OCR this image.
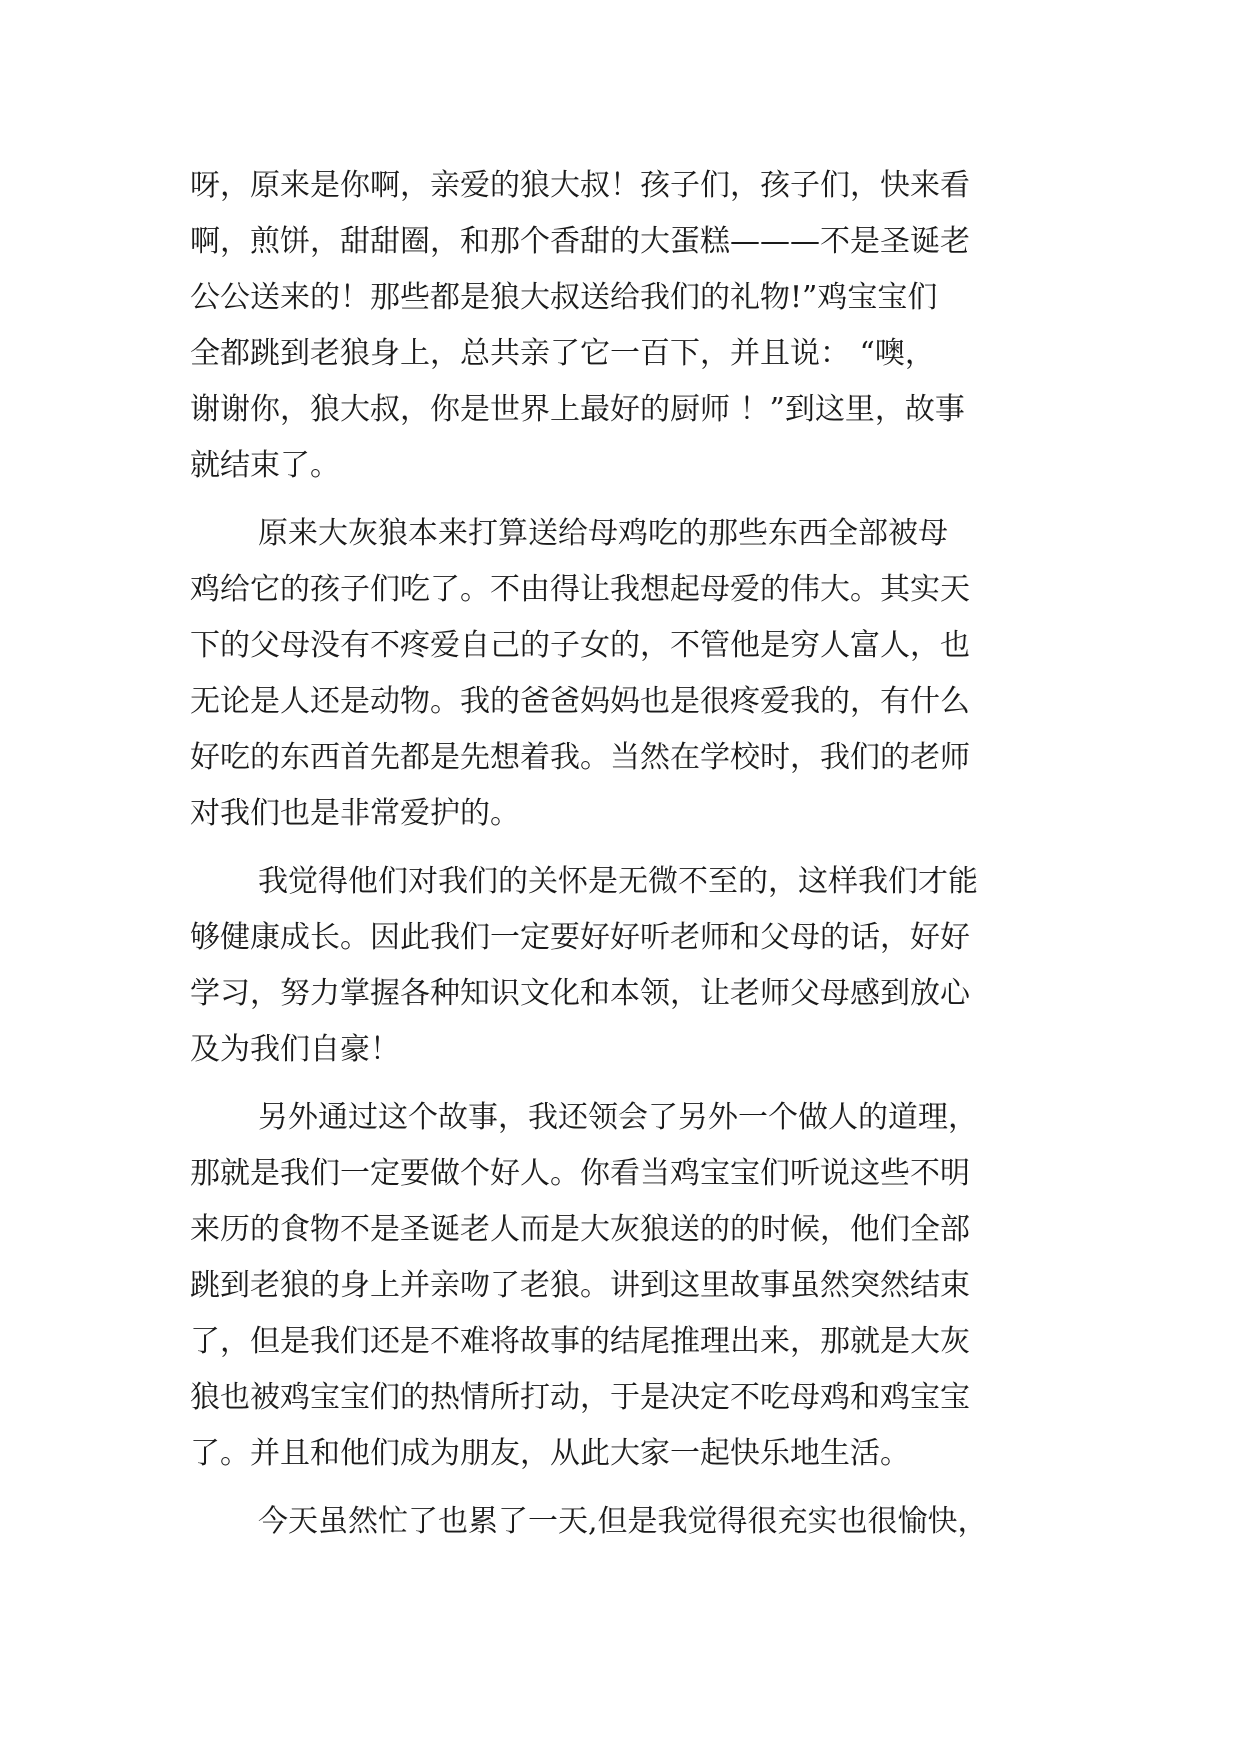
呀，原来是你啊，亲爱的狼大叔！孩子们，孩子们，快来看
啊，煎饼，甜甜圈，和那个香甜的大蛋糕———不是圣诞老
公公送来的！那些都是狼大叔送给我们的礼物!”鸡宝宝们
全都跳到老狼身上，总共亲了它一百下，并且说： “噢，
谢谢你，狼大叔，你是世界上最好的厨师 ！”到这里，故事
就结束了。
原来大灰狼本来打算送给母鸡吃的那些东西全部被母
鸡给它的孩子们吃了。不由得让我想起母爱的伟大。其实天
下的父母没有不疼爱自己的子女的，不管他是穷人富人，也
无论是人还是动物。我的爸爸妈妈也是很疼爱我的，有什么
好吃的东西首先都是先想着我。当然在学校时，我们的老师
对我们也是非常爱护的。
我觉得他们对我们的关怀是无微不至的，这样我们才能
够健康成长。因此我们一定要好好听老师和父母的话，好好
学习，努力掌握各种知识文化和本领，让老师父母感到放心
及为我们自豪！
另外通过这个故事，我还领会了另外一个做人的道理，
那就是我们一定要做个好人。你看当鸡宝宝们听说这些不明
来历的食物不是圣诞老人而是大灰狼送的的时候，他们全部
跳到老狼的身上并亲吻了老狼。讲到这里故事虽然突然结束
了，但是我们还是不难将故事的结尾推理出来，那就是大灰
狼也被鸡宝宝们的热情所打动，于是决定不吃母鸡和鸡宝宝
了。并且和他们成为朋友，从此大家一起快乐地生活。
今天虽然忙了也累了一天,但是我觉得很充实也很愉快，
